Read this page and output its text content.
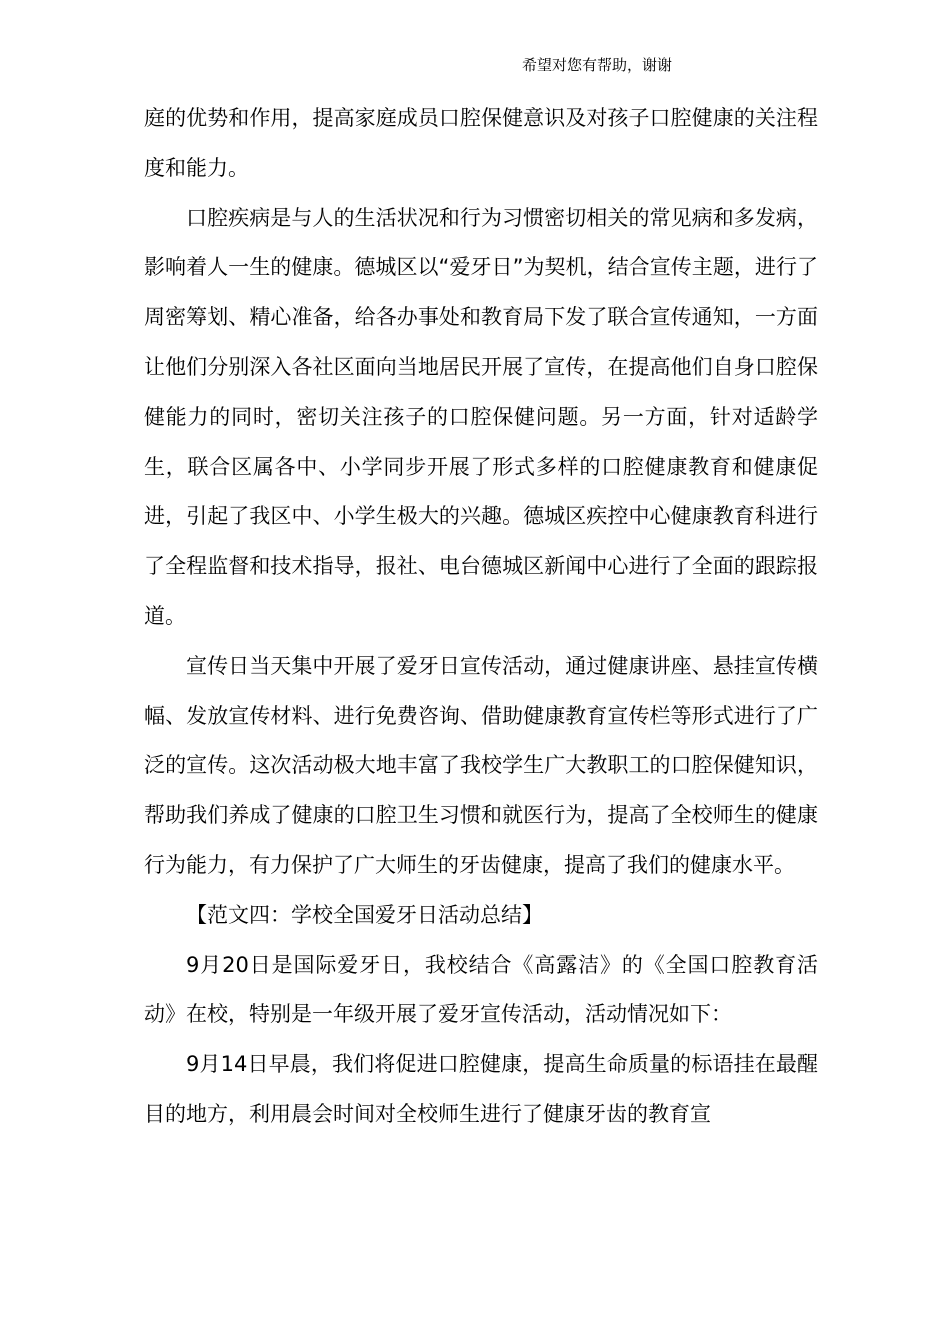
希望对您有帮助，谢谢

庭的优势和作用，提高家庭成员口腔保健意识及对孩子口腔健康的关注程度和能力。

口腔疾病是与人的生活状况和行为习惯密切相关的常见病和多发病，影响着人一生的健康。德城区以“爱牙日”为契机，结合宣传主题，进行了周密筹划、精心准备，给各办事处和教育局下发了联合宣传通知，一方面让他们分别深入各社区面向当地居民开展了宣传，在提高他们自身口腔保健能力的同时，密切关注孩子的口腔保健问题。另一方面，针对适龄学生，联合区属各中、小学同步开展了形式多样的口腔健康教育和健康促进，引起了我区中、小学生极大的兴趣。德城区疾控中心健康教育科进行了全程监督和技术指导，报社、电台德城区新闻中心进行了全面的跟踪报道。

宣传日当天集中开展了爱牙日宣传活动，通过健康讲座、悬挂宣传横幅、发放宣传材料、进行免费咨询、借助健康教育宣传栏等形式进行了广泛的宣传。这次活动极大地丰富了我校学生广大教职工的口腔保健知识，帮助我们养成了健康的口腔卫生习惯和就医行为，提高了全校师生的健康行为能力，有力保护了广大师生的牙齿健康，提高了我们的健康水平。

【范文四：学校全国爱牙日活动总结】

9月20日是国际爱牙日，我校结合《高露洁》的《全国口腔教育活动》在校，特别是一年级开展了爱牙宣传活动，活动情况如下：

9月14日早晨，我们将促进口腔健康，提高生命质量的标语挂在最醒目的地方，利用晨会时间对全校师生进行了健康牙齿的教育宣
